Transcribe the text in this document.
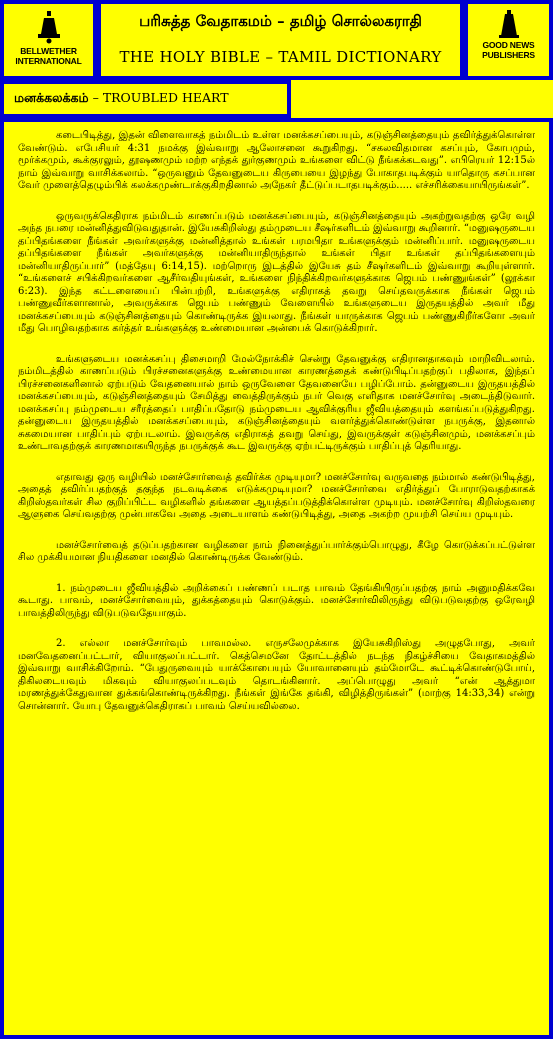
BELLWETHER
INTERNATIONAL
பரிசுத்த வேதாகமம் – தமிழ் சொல்லகராதி
THE HOLY BIBLE – TAMIL DICTIONARY
GOOD NEWS
PUBLISHERS
மனக்கலக்கம் – TROUBLED HEART

கடைபிடித்து, இதன் விளைவாகத் நம்மிடம் உள்ள மனக்கசப்பையும், கடுஞ்சினத்தையும் தவிர்த்துக்கொள்ள வேண்டும். எபேசியர் 4:31 நமக்கு இவ்வாறு ஆலோசனை கூறுகிறது. “சகலவிதமான கசப்பும், கோபமும், மூர்க்கமும், கூக்குரலும், தூஷணமும் மற்ற எந்தக் துர்குணமும் உங்களை விட்டு நீங்கக்கடவது”. எபிரெயர் 12:15ல் நாம் இவ்வாறு வாசிக்கலாம். “ஒருவனும் தேவனுடைய கிருபையை இழந்து போகாதபடிக்கும் யாதொரு கசப்பான வேர் முளைத்தெழும்பிக் கலக்கமுண்டாக்குகிறதினால் அநேகர் தீட்டுப்படாதபடிக்கும்..... எச்சரிக்கையாயிருங்கள்”.

ஒருவருக்கெதிராக நம்மிடம் காணப்படும் மனக்கசப்பையும், கடுஞ்சினத்தையும் அகற்றுவதற்கு ஒரே வழி அந்த நபரை மன்னித்துவிடுவதுதான். இயேசுகிறிஸ்து தம்முடைய சீஷர்களிடம் இவ்வாறு கூறினார். “மனுஷருடைய தப்பிதங்களை நீங்கள் அவர்களுக்கு மன்னித்தால் உங்கள் பரமபிதா உங்களுக்கும் மன்னிப்பார். மனுஷருடைய தப்பிதங்களை நீங்கள் அவர்களுக்கு மன்னியாதிருந்தால் உங்கள் பிதா உங்கள் தப்பிதங்களையும் மன்னியாதிருப்பார்” (மத்தேயு 6:14,15). மற்றொரு இடத்தில் இயேசு தம் சீஷர்களிடம் இவ்வாறு கூறியுள்ளார். “உங்களைச் சபிக்கிறவர்களை ஆசீர்வதியுங்கள், உங்களை நிந்திக்கிறவர்களுக்காக ஜெபம் பண்ணுங்கள்” (லூக்கா 6:23). இந்த கட்டளையைப் பின்பற்றி, உங்களுக்கு எதிராகத் தவறு செய்தவருக்காக நீங்கள் ஜெபம் பண்ணுவீர்களானால், அவருக்காக ஜெபம் பண்ணும் வேளையில் உங்களுடைய இருதயத்தில் அவர் மீது மனக்கசப்பையும் கடுஞ்சினத்தையும் கொண்டிருக்க இயலாது. நீங்கள் யாருக்காக ஜெபம் பண்ணுகிறீர்களோ அவர் மீது பொழிவதற்காக கர்த்தர் உங்களுக்கு உண்மையான அன்பைக் கொடுக்கிறார்.

உங்களுடைய மனக்கசப்பு திசைமாறி மேல்நோக்கிச் சென்று தேவனுக்கு எதிரானதாகவும் மாறிவிடலாம். நம்மிடத்தில் காணப்படும் பிரச்சனைகளுக்கு உண்மையான காரணத்தைக் கண்டுபிடிப்பதற்குப் பதிலாக, இந்தப் பிரச்சனைகளினால் ஏற்படும் வேதனையால் நாம் ஒருவேளை தேவனையே பழிப்போம். தன்னுடைய இருதயத்தில் மனக்கசப்பையும், கடுஞ்சினத்தையும் சேமித்து வைத்திருக்கும் நபர் வெகு எளிதாக மனச்சோர்வு அடைந்திடுவார். மனக்கசப்பு நம்முடைய சரீரத்தைப் பாதிப்பதோடு நம்முடைய ஆவிக்குரிய ஜீவியத்தையும் களங்கப்படுத்துகிறது. தன்னுடைய இருதயத்தில் மனக்கசப்பையும், கடுஞ்சினத்தையும் வளர்த்துக்கொண்டுள்ள நபருக்கு, இதனால் சுகமையான பாதிப்பும் ஏற்படலாம். இவருக்கு எதிராகத் தவறு செய்து, இவருக்குள் கடுஞ்சினமும், மனக்கசப்பும் உண்டாவதற்குக் காரணமாகயிருந்த நபருக்குக் கூட இவருக்கு ஏற்பட்டிருக்கும் பாதிப்புத் தெரியாது.

எதாவது ஒரு வழியில் மனச்சோர்வைத் தவிர்க்க முடியுமா? மனச்சோர்வு வருவதை நம்மால் கண்டுபிடித்து, அதைத் தவிர்ப்பதற்குத் தகுந்த நடவடிக்கை எடுக்கமுடியுமா? மனச்சோர்வை எதிர்த்துப் போராடுவதற்காகக் கிறிஸ்தவர்கள் சில குறிப்பிட்ட வழிகளில் தங்களை ஆயத்தப்படுத்திக்கொள்ள முடியும். மனச்சோர்வு கிறிஸ்தவரை ஆளுகை செய்வதற்கு முன்பாகவே அதை அடையாளம் கண்டுபிடித்து, அதை அகற்ற முயற்சி செய்ய முடியும்.

மனச்சோர்வைத் தடுப்பதற்கான வழிகளை நாம் நினைத்துப்பார்க்கும்பொழுது, கீழே கொடுக்கப்பட்டுள்ள சில முக்கியமான நியதிகளை மனதில் கொண்டிருக்க வேண்டும்.

1. நம்முடைய ஜீவியத்தில் அறிக்கைப் பண்ணப் படாத பாவம் தேங்கியிருப்பதற்கு நாம் அனுமதிக்கவே கூடாது. பாவம், மனச்சோர்வையும், துக்கத்தையும் கொடுக்கும். மனச்சோர்விலிருந்து விடுபடுவதற்கு ஒரேவழி பாவத்திலிருந்து விடுபடுவதேயாகும்.

2. எல்லா மனச்சோர்வும் பாவமல்ல. எருசலேமுக்காக இயேசுகிறிஸ்து அழுதபோது, அவர் மனவேதனைப்பட்டார், வியாகுலப்பட்டார். கெத்செமனே தோட்டத்தில் நடந்த நிகழ்ச்சியை வேதாகமத்தில் இவ்வாறு வாசிக்கிறோம். “பேதுருவையும் யாக்கோபையும் யோவானையும் தம்மோடே கூட்டிக்கொண்டுபோய், திகிலடையவும் மிகவும் வியாகுலப்படவும் தொடங்கினார். அப்பொழுது அவர் “என் ஆத்துமா மரணத்துக்கேதுவான துக்கங்கொண்டிருக்கிறது. நீங்கள் இங்கே தங்கி, விழித்திருங்கள்” (மாற்கு 14:33,34) என்று சொன்னார். யோபு தேவனுக்கெதிராகப் பாவம் செய்யவில்லை.
